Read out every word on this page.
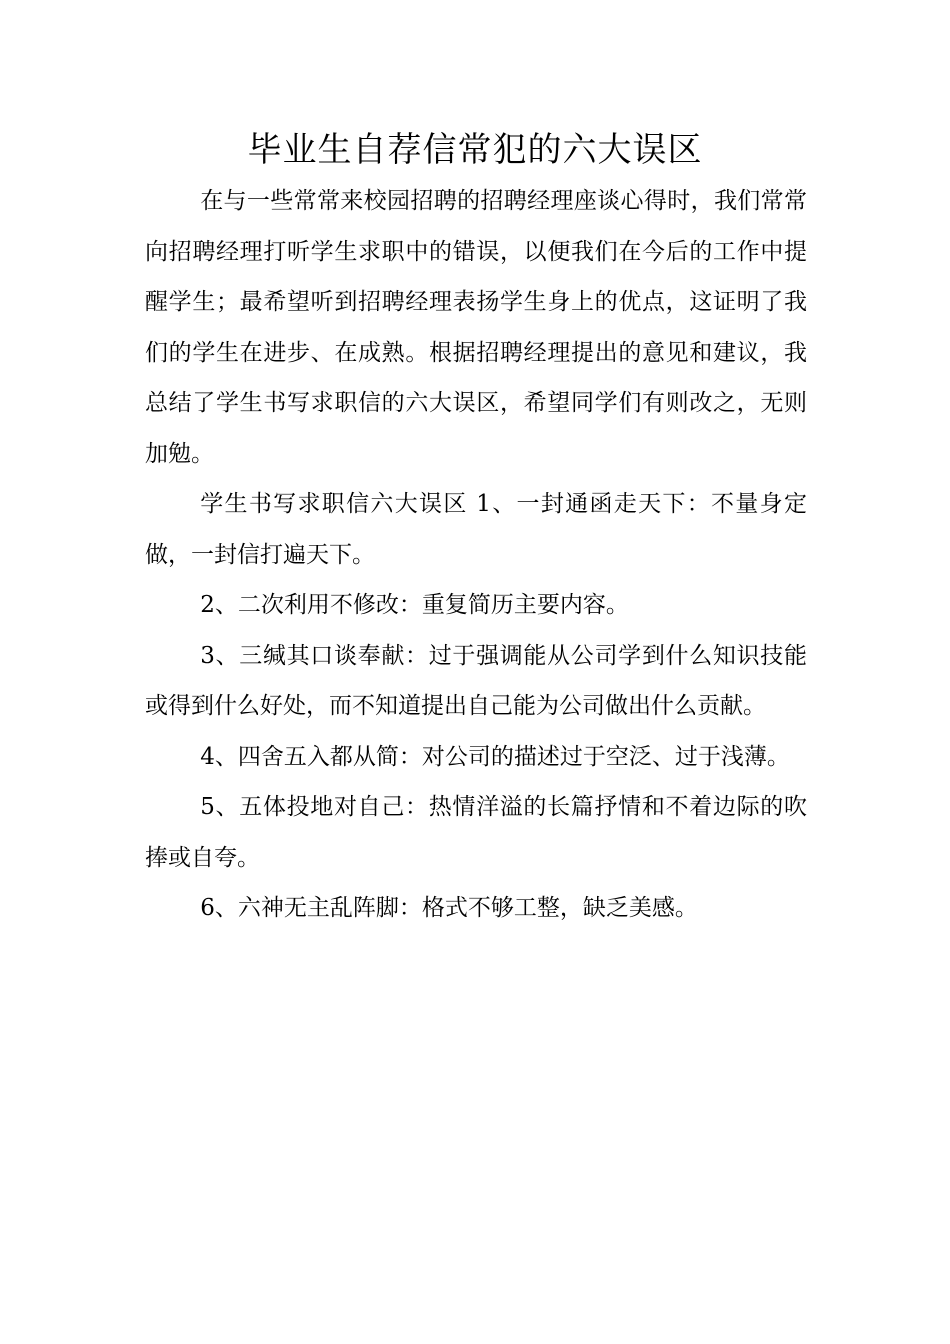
毕业生自荐信常犯的六大误区

在与一些常常来校园招聘的招聘经理座谈心得时，我们常常向招聘经理打听学生求职中的错误，以便我们在今后的工作中提醒学生；最希望听到招聘经理表扬学生身上的优点，这证明了我们的学生在进步、在成熟。根据招聘经理提出的意见和建议，我总结了学生书写求职信的六大误区，希望同学们有则改之，无则加勉。

学生书写求职信六大误区 1、一封通函走天下：不量身定做，一封信打遍天下。

2、二次利用不修改：重复简历主要内容。

3、三缄其口谈奉献：过于强调能从公司学到什么知识技能或得到什么好处，而不知道提出自己能为公司做出什么贡献。

4、四舍五入都从简：对公司的描述过于空泛、过于浅薄。

5、五体投地对自己：热情洋溢的长篇抒情和不着边际的吹捧或自夸。

6、六神无主乱阵脚：格式不够工整，缺乏美感。
